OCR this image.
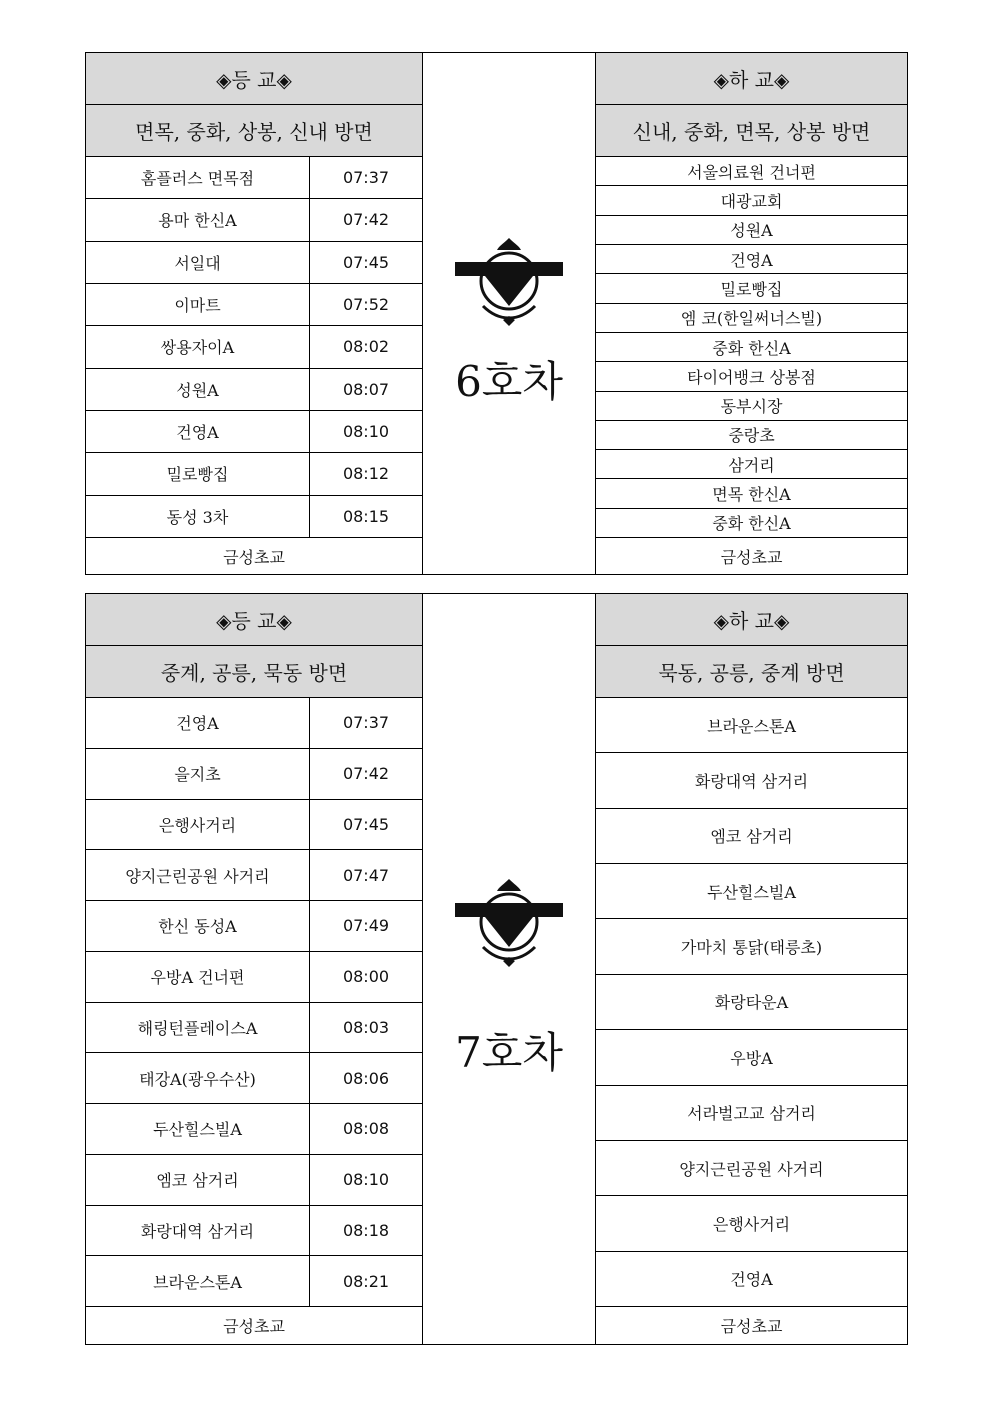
◈등 교◈
면목, 중화, 상봉, 신내 방면
홈플러스 면목점	07:37
용마 한신A	07:42
서일대	07:45
이마트	07:52
쌍용자이A	08:02
성원A	08:07
건영A	08:10
밀로빵집	08:12
동성 3차	08:15
금성초교
6호차
◈하 교◈
신내, 중화, 면목, 상봉 방면
서울의료원 건너편
대광교회
성원A
건영A
밀로빵집
엠 코(한일써너스빌)
중화 한신A
타이어뱅크 상봉점
동부시장
중랑초
삼거리
면목 한신A
중화 한신A
금성초교
◈등 교◈
중계, 공릉, 묵동 방면
건영A	07:37
을지초	07:42
은행사거리	07:45
양지근린공원 사거리	07:47
한신 동성A	07:49
우방A 건너편	08:00
해링턴플레이스A	08:03
태강A(광우수산)	08:06
두산힐스빌A	08:08
엠코 삼거리	08:10
화랑대역 삼거리	08:18
브라운스톤A	08:21
금성초교
7호차
◈하 교◈
묵동, 공릉, 중계 방면
브라운스톤A
화랑대역 삼거리
엠코 삼거리
두산힐스빌A
가마치 통닭(태릉초)
화랑타운A
우방A
서라벌고교 삼거리
양지근린공원 사거리
은행사거리
건영A
금성초교
